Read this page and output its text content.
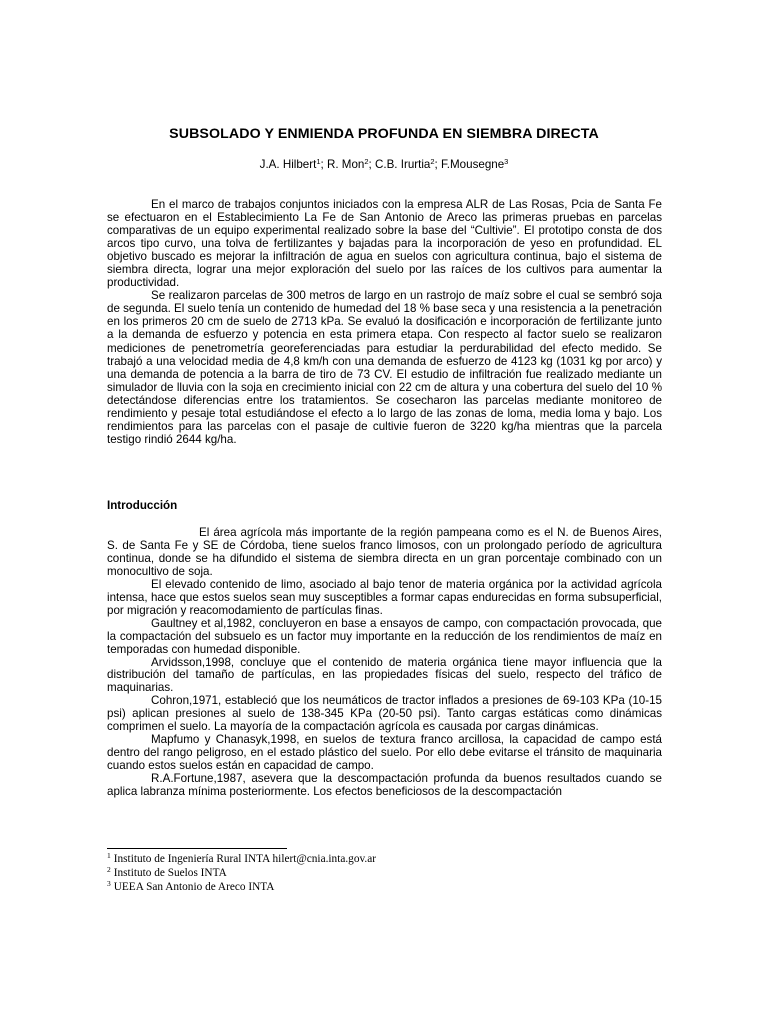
SUBSOLADO Y ENMIENDA PROFUNDA EN SIEMBRA DIRECTA
J.A. Hilbert$^1$; R. Mon$^2$; C.B. Irurtia$^2$; F.Mousegne$^3$

En el marco de trabajos conjuntos iniciados con la empresa ALR de Las Rosas, Pcia de Santa Fe se efectuaron en el Establecimiento La Fe de San Antonio de Areco las primeras pruebas en parcelas comparativas de un equipo experimental realizado sobre la base del “Cultivie”. El prototipo consta de dos arcos tipo curvo, una tolva de fertilizantes y bajadas para la incorporación de yeso en profundidad. EL objetivo buscado es mejorar la infiltración de agua en suelos con agricultura continua, bajo el sistema de siembra directa, lograr una mejor exploración del suelo por las raíces de los cultivos para aumentar la productividad.

Se realizaron parcelas de 300 metros de largo en un rastrojo de maíz sobre el cual se sembró soja de segunda. El suelo tenía un contenido de humedad del 18 % base seca y una resistencia a la penetración en los primeros 20 cm de suelo de 2713 kPa. Se evaluó la dosificación e incorporación de fertilizante junto a la demanda de esfuerzo y potencia en esta primera etapa. Con respecto al factor suelo se realizaron mediciones de penetrometría georeferenciadas para estudiar la perdurabilidad del efecto medido. Se trabajó a una velocidad media de 4,8 km/h con una demanda de esfuerzo de 4123 kg (1031 kg por arco) y una demanda de potencia a la barra de tiro de 73 CV. El estudio de infiltración fue realizado mediante un simulador de lluvia con la soja en crecimiento inicial con 22 cm de altura y una cobertura del suelo del 10 % detectándose diferencias entre los tratamientos. Se cosecharon las parcelas mediante monitoreo de rendimiento y pesaje total estudiándose el efecto a lo largo de las zonas de loma, media loma y bajo. Los rendimientos para las parcelas con el pasaje de cultivie fueron de 3220 kg/ha mientras que la parcela testigo rindió 2644 kg/ha.

Introducción

El área agrícola más importante de la región pampeana como es el N. de Buenos Aires, S. de Santa Fe y SE de Córdoba, tiene suelos franco limosos, con un prolongado período de agricultura continua, donde se ha difundido el sistema de siembra directa en un gran porcentaje combinado con un monocultivo de soja.

El elevado contenido de limo, asociado al bajo tenor de materia orgánica por la actividad agrícola intensa, hace que estos suelos sean muy susceptibles a formar capas endurecidas en forma subsuperficial, por migración y reacomodamiento de partículas finas.

Gaultney et al,1982, concluyeron en base a ensayos de campo, con compactación provocada, que la compactación del subsuelo es un factor muy importante en la reducción de los rendimientos de maíz en temporadas con humedad disponible.

Arvidsson,1998, concluye que el contenido de materia orgánica tiene mayor influencia que la distribución del tamaño de partículas, en las propiedades físicas del suelo, respecto del tráfico de maquinarias.

Cohron,1971, estableció que los neumáticos de tractor inflados a presiones de 69-103 KPa (10-15 psi) aplican presiones al suelo de 138-345 KPa (20-50 psi). Tanto cargas estáticas como dinámicas comprimen el suelo. La mayoría de la compactación agrícola es causada por cargas dinámicas.

Mapfumo y Chanasyk,1998, en suelos de textura franco arcillosa, la capacidad de campo está dentro del rango peligroso, en el estado plástico del suelo. Por ello debe evitarse el tránsito de maquinaria cuando estos suelos están en capacidad de campo.

R.A.Fortune,1987, asevera que la descompactación profunda da buenos resultados cuando se aplica labranza mínima posteriormente. Los efectos beneficiosos de la descompactación

$^1$ Instituto de Ingeniería Rural INTA hilert@cnia.inta.gov.ar
$^2$ Instituto de Suelos INTA
$^3$ UEEA San Antonio de Areco INTA
